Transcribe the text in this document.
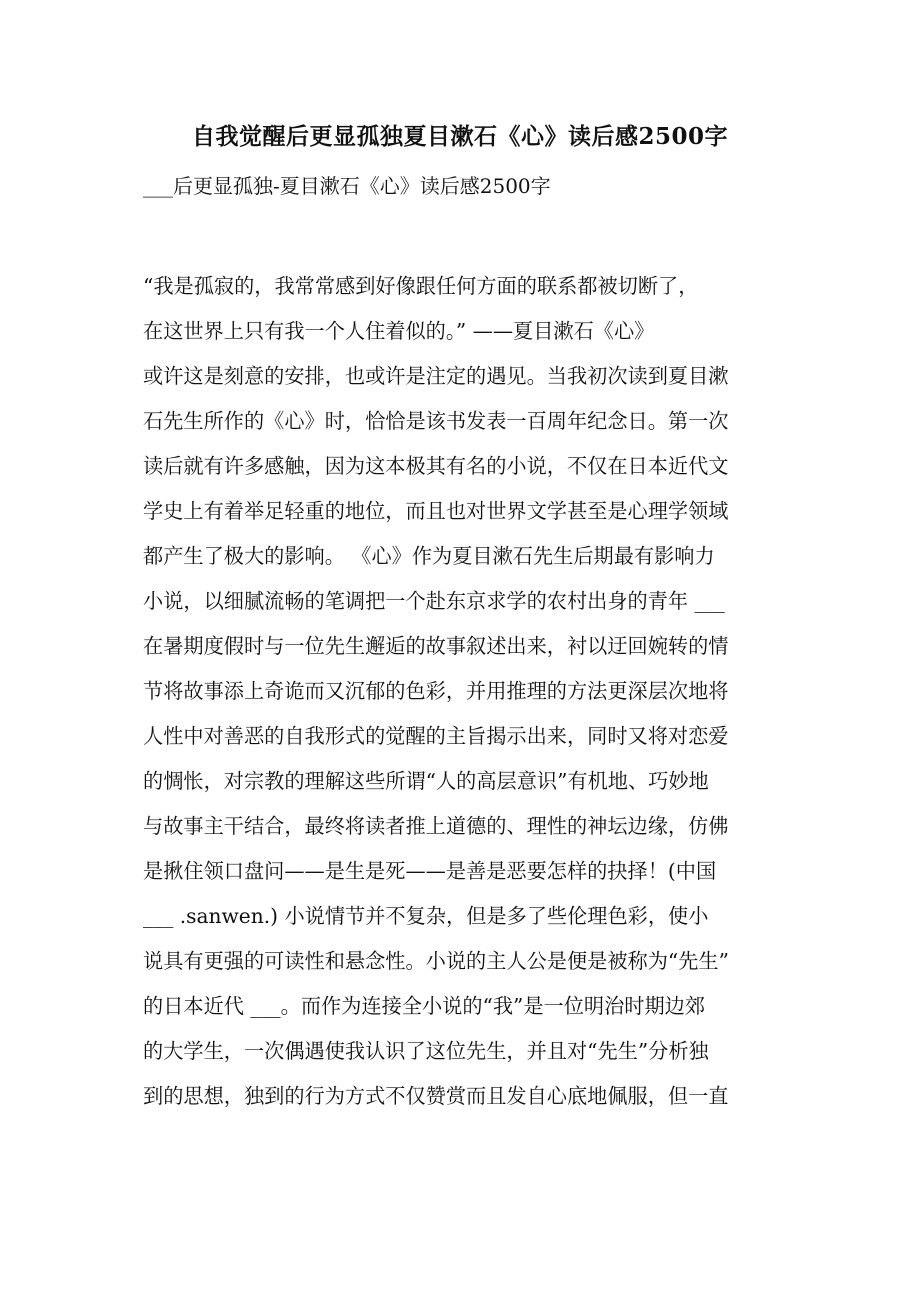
自我觉醒后更显孤独夏目漱石《心》读后感2500字

___后更显孤独-夏目漱石《心》读后感2500字

“我是孤寂的，我常常感到好像跟任何方面的联系都被切断了，
在这世界上只有我一个人住着似的。” ——夏目漱石《心》
或许这是刻意的安排，也或许是注定的遇见。当我初次读到夏目漱
石先生所作的《心》时，恰恰是该书发表一百周年纪念日。第一次
读后就有许多感触，因为这本极其有名的小说，不仅在日本近代文
学史上有着举足轻重的地位，而且也对世界文学甚至是心理学领域
都产生了极大的影响。 《心》作为夏目漱石先生后期最有影响力
小说，以细腻流畅的笔调把一个赴东京求学的农村出身的青年 ___
在暑期度假时与一位先生邂逅的故事叙述出来，衬以迂回婉转的情
节将故事添上奇诡而又沉郁的色彩，并用推理的方法更深层次地将
人性中对善恶的自我形式的觉醒的主旨揭示出来，同时又将对恋爱
的惆怅，对宗教的理解这些所谓“人的高层意识”有机地、巧妙地
与故事主干结合，最终将读者推上道德的、理性的神坛边缘，仿佛
是揪住领口盘问——是生是死——是善是恶要怎样的抉择！(中国
___ .sanwen.) 小说情节并不复杂，但是多了些伦理色彩，使小
说具有更强的可读性和悬念性。小说的主人公是便是被称为“先生”
的日本近代 ___。而作为连接全小说的“我”是一位明治时期边郊
的大学生，一次偶遇使我认识了这位先生，并且对“先生”分析独
到的思想，独到的行为方式不仅赞赏而且发自心底地佩服，但一直
